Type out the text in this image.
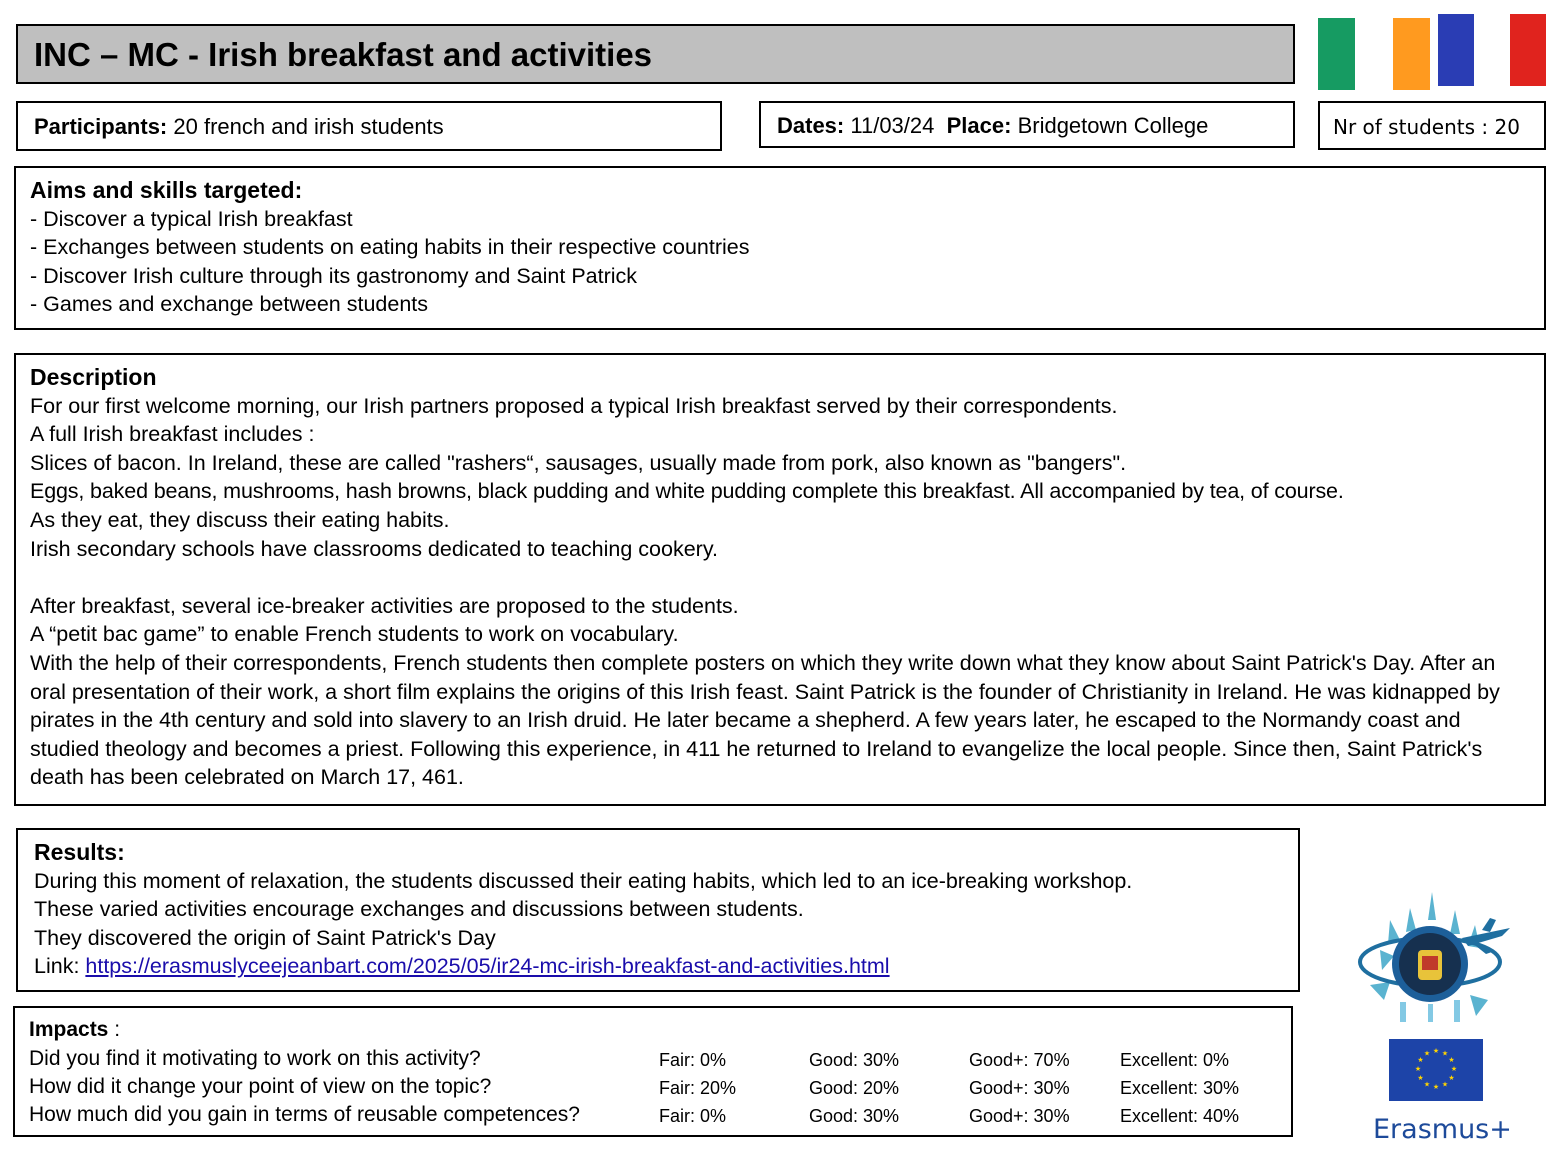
INC – MC - Irish breakfast and activities
Participants: 20 french and irish students	Dates: 11/03/24 Place: Bridgetown College	Nr of students : 20
Aims and skills targeted:
- Discover a typical Irish breakfast
- Exchanges between students on eating habits in their respective countries
- Discover Irish culture through its gastronomy and Saint Patrick
- Games and exchange between students
Description
For our first welcome morning, our Irish partners proposed a typical Irish breakfast served by their correspondents.
A full Irish breakfast includes :
Slices of bacon. In Ireland, these are called "rashers“, sausages, usually made from pork, also known as "bangers".
Eggs, baked beans, mushrooms, hash browns, black pudding and white pudding complete this breakfast. All accompanied by tea, of course.
As they eat, they discuss their eating habits.
Irish secondary schools have classrooms dedicated to teaching cookery.
After breakfast, several ice-breaker activities are proposed to the students.
A “petit bac game” to enable French students to work on vocabulary.
With the help of their correspondents, French students then complete posters on which they write down what they know about Saint Patrick's Day. After an oral presentation of their work, a short film explains the origins of this Irish feast. Saint Patrick is the founder of Christianity in Ireland. He was kidnapped by pirates in the 4th century and sold into slavery to an Irish druid. He later became a shepherd. A few years later, he escaped to the Normandy coast and studied theology and becomes a priest. Following this experience, in 411 he returned to Ireland to evangelize the local people. Since then, Saint Patrick's death has been celebrated on March 17, 461.
Results:
During this moment of relaxation, the students discussed their eating habits, which led to an ice-breaking workshop.
These varied activities encourage exchanges and discussions between students.
They discovered the origin of Saint Patrick's Day
Link: https://erasmuslyceejeanbart.com/2025/05/ir24-mc-irish-breakfast-and-activities.html
Impacts :
Did you find it motivating to work on this activity?	Fair: 0%	Good: 30%	Good+: 70%	Excellent: 0%
How did it change your point of view on the topic?	Fair: 20%	Good: 20%	Good+: 30%	Excellent: 30%
How much did you gain in terms of reusable competences?	Fair: 0%	Good: 30%	Good+: 30%	Excellent: 40%
★ ★
★
★
★
★
★
★
★
★
★
★
Erasmus+
